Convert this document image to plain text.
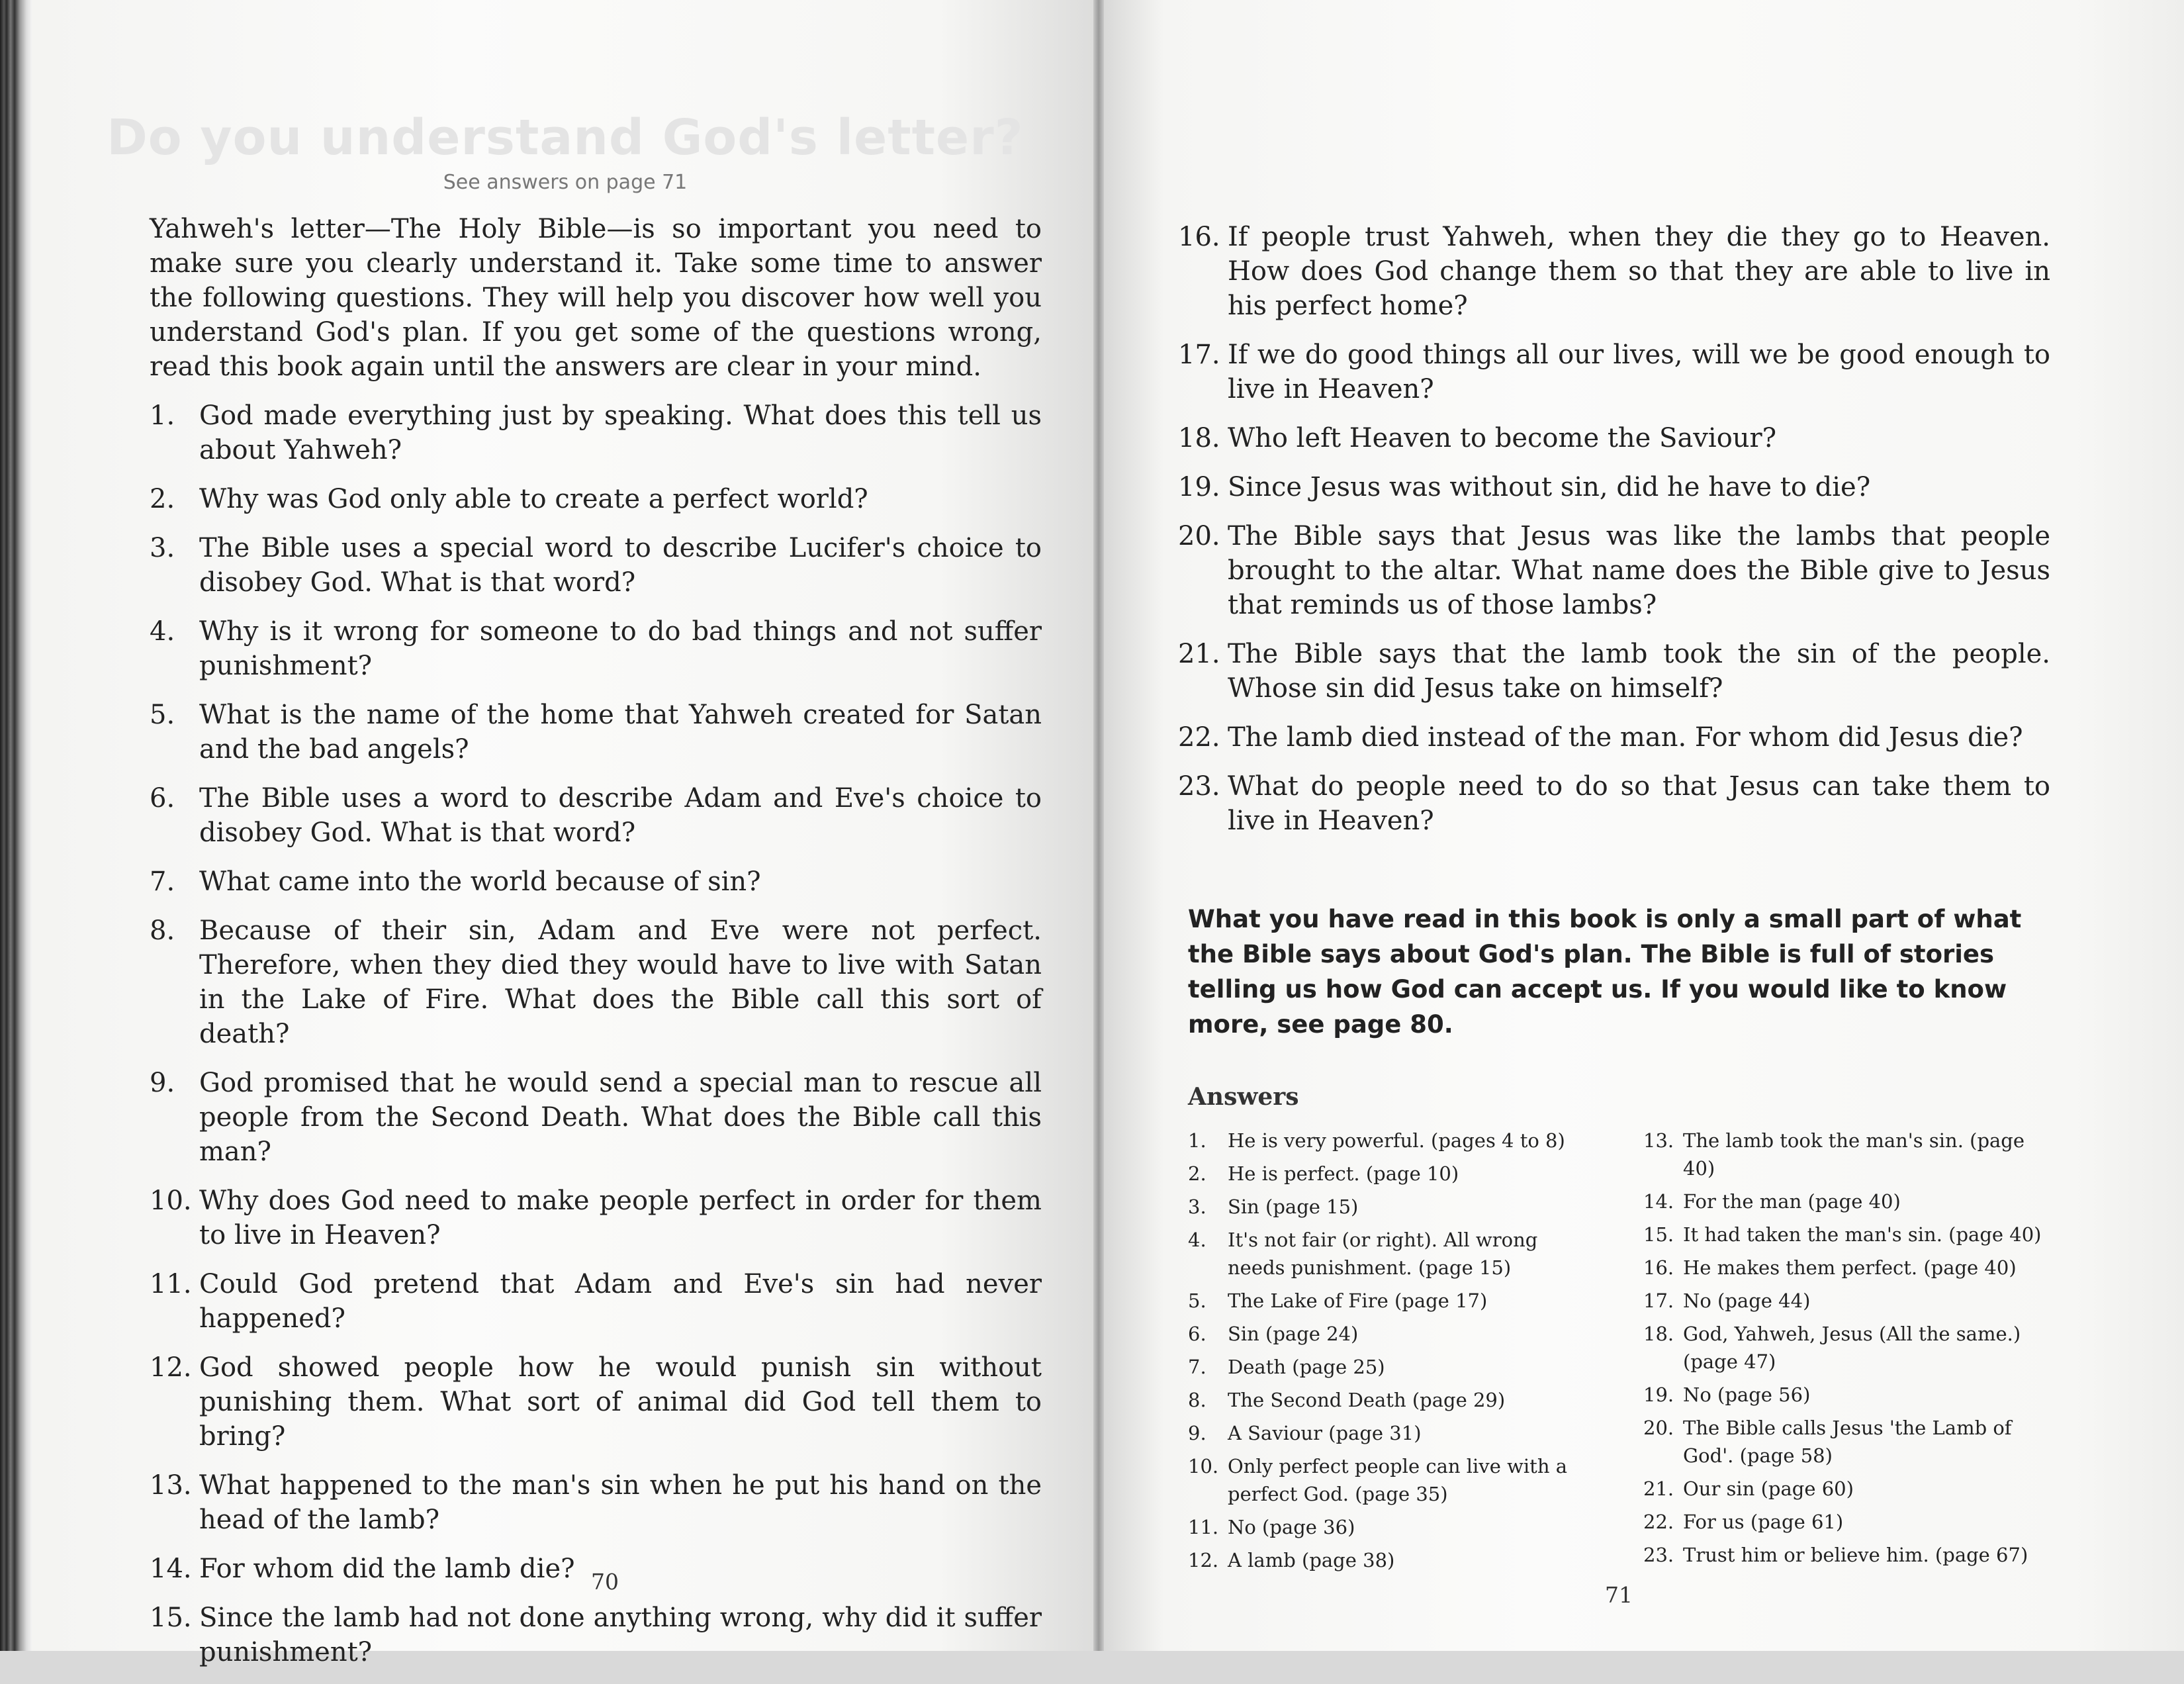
Do you understand God's letter?
See answers on page 71

Yahweh's letter—The Holy Bible—is so important you need to make sure you clearly understand it. Take some time to answer the following questions. They will help you discover how well you understand God's plan. If you get some of the questions wrong, read this book again until the answers are clear in your mind.

1. God made everything just by speaking. What does this tell us about Yahweh?
2. Why was God only able to create a perfect world?
3. The Bible uses a special word to describe Lucifer's choice to disobey God. What is that word?
4. Why is it wrong for someone to do bad things and not suffer punishment?
5. What is the name of the home that Yahweh created for Satan and the bad angels?
6. The Bible uses a word to describe Adam and Eve's choice to disobey God. What is that word?
7. What came into the world because of sin?
8. Because of their sin, Adam and Eve were not perfect. Therefore, when they died they would have to live with Satan in the Lake of Fire. What does the Bible call this sort of death?
9. God promised that he would send a special man to rescue all people from the Second Death. What does the Bible call this man?
10. Why does God need to make people perfect in order for them to live in Heaven?
11. Could God pretend that Adam and Eve's sin had never happened?
12. God showed people how he would punish sin without punishing them. What sort of animal did God tell them to bring?
13. What happened to the man's sin when he put his hand on the head of the lamb?
14. For whom did the lamb die?
15. Since the lamb had not done anything wrong, why did it suffer punishment?
70
16. If people trust Yahweh, when they die they go to Heaven. How does God change them so that they are able to live in his perfect home?
17. If we do good things all our lives, will we be good enough to live in Heaven?
18. Who left Heaven to become the Saviour?
19. Since Jesus was without sin, did he have to die?
20. The Bible says that Jesus was like the lambs that people brought to the altar. What name does the Bible give to Jesus that reminds us of those lambs?
21. The Bible says that the lamb took the sin of the people. Whose sin did Jesus take on himself?
22. The lamb died instead of the man. For whom did Jesus die?
23. What do people need to do so that Jesus can take them to live in Heaven?

What you have read in this book is only a small part of what the Bible says about God's plan. The Bible is full of stories telling us how God can accept us. If you would like to know more, see page 80.

Answers
1.	He is very powerful. (pages 4 to 8)
2.	He is perfect. (page 10)
3.	Sin (page 15)
4.	It's not fair (or right). All wrong needs punishment. (page 15)
5.	The Lake of Fire (page 17)
6.	Sin (page 24)
7.	Death (page 25)
8.	The Second Death (page 29)
9.	A Saviour (page 31)
10. Only perfect people can live with a perfect God. (page 35)
11. No (page 36)
12. A lamb (page 38)
13. The lamb took the man's sin. (page 40)
14. For the man (page 40)
15. It had taken the man's sin. (page 40)
16. He makes them perfect. (page 40)
17. No (page 44)
18. God, Yahweh, Jesus (All the same.) (page 47)
19. No (page 56)
20. The Bible calls Jesus 'the Lamb of God'. (page 58)
21. Our sin (page 60)
22. For us (page 61)
23. Trust him or believe him. (page 67)
71
